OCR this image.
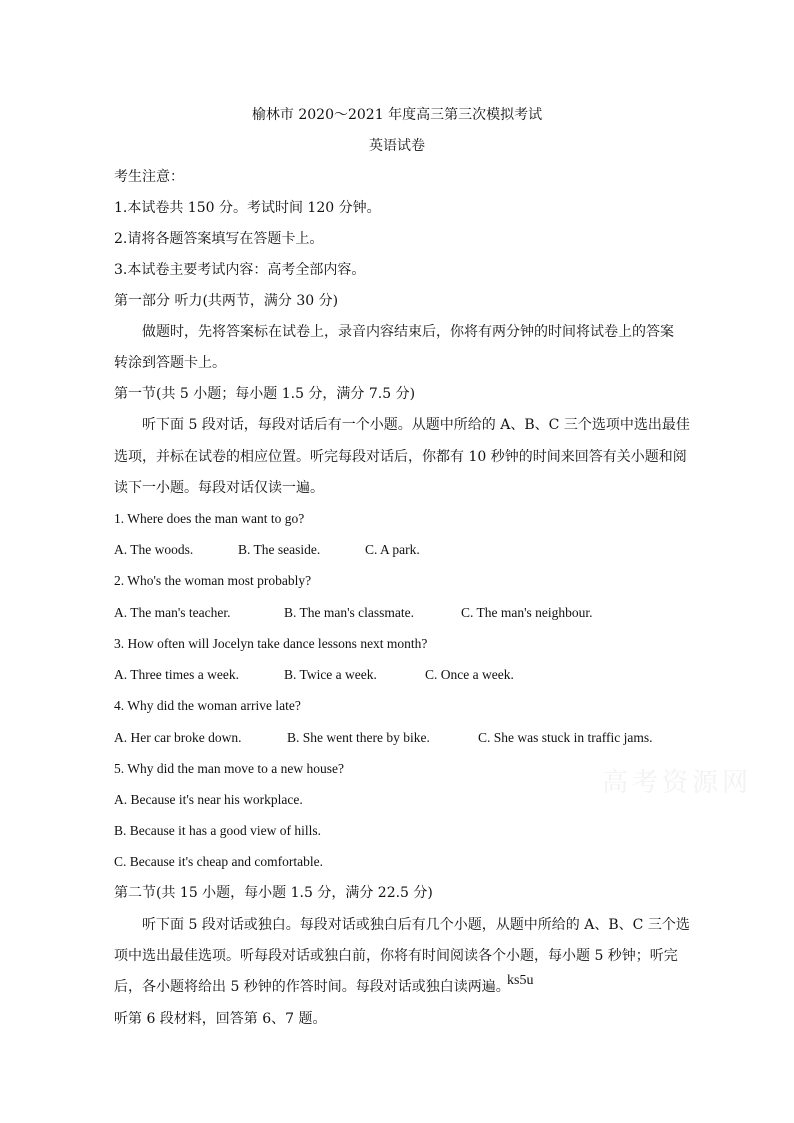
榆林市 2020～2021 年度高三第三次模拟考试
英语试卷
考生注意：
1.本试卷共 150 分。考试时间 120 分钟。
2.请将各题答案填写在答题卡上。
3.本试卷主要考试内容：高考全部内容。
第一部分 听力(共两节，满分 30 分)
做题时，先将答案标在试卷上，录音内容结束后，你将有两分钟的时间将试卷上的答案
转涂到答题卡上。
第一节(共 5 小题；每小题 1.5 分，满分 7.5 分)
听下面 5 段对话，每段对话后有一个小题。从题中所给的 A、B、C 三个选项中选出最佳
选项，并标在试卷的相应位置。听完每段对话后，你都有 10 秒钟的时间来回答有关小题和阅
读下一小题。每段对话仅读一遍。
1. Where does the man want to go?
A. The woods.	B. The seaside.	C. A park.
2. Who's the woman most probably?
A. The man's teacher.	B. The man's classmate.	C. The man's neighbour.
3. How often will Jocelyn take dance lessons next month?
A. Three times a week.	B. Twice a week.	C. Once a week.
4. Why did the woman arrive late?
A. Her car broke down.	B. She went there by bike.	C. She was stuck in traffic jams.
5. Why did the man move to a new house?
A. Because it's near his workplace.
B. Because it has a good view of hills.
C. Because it's cheap and comfortable.
高考资源网
第二节(共 15 小题，每小题 1.5 分，满分 22.5 分)
听下面 5 段对话或独白。每段对话或独白后有几个小题，从题中所给的 A、B、C 三个选
项中选出最佳选项。听每段对话或独白前，你将有时间阅读各个小题，每小题 5 秒钟；听完
后，各小题将给出 5 秒钟的作答时间。每段对话或独白读两遍。
ks5u
听第 6 段材料，回答第 6、7 题。
